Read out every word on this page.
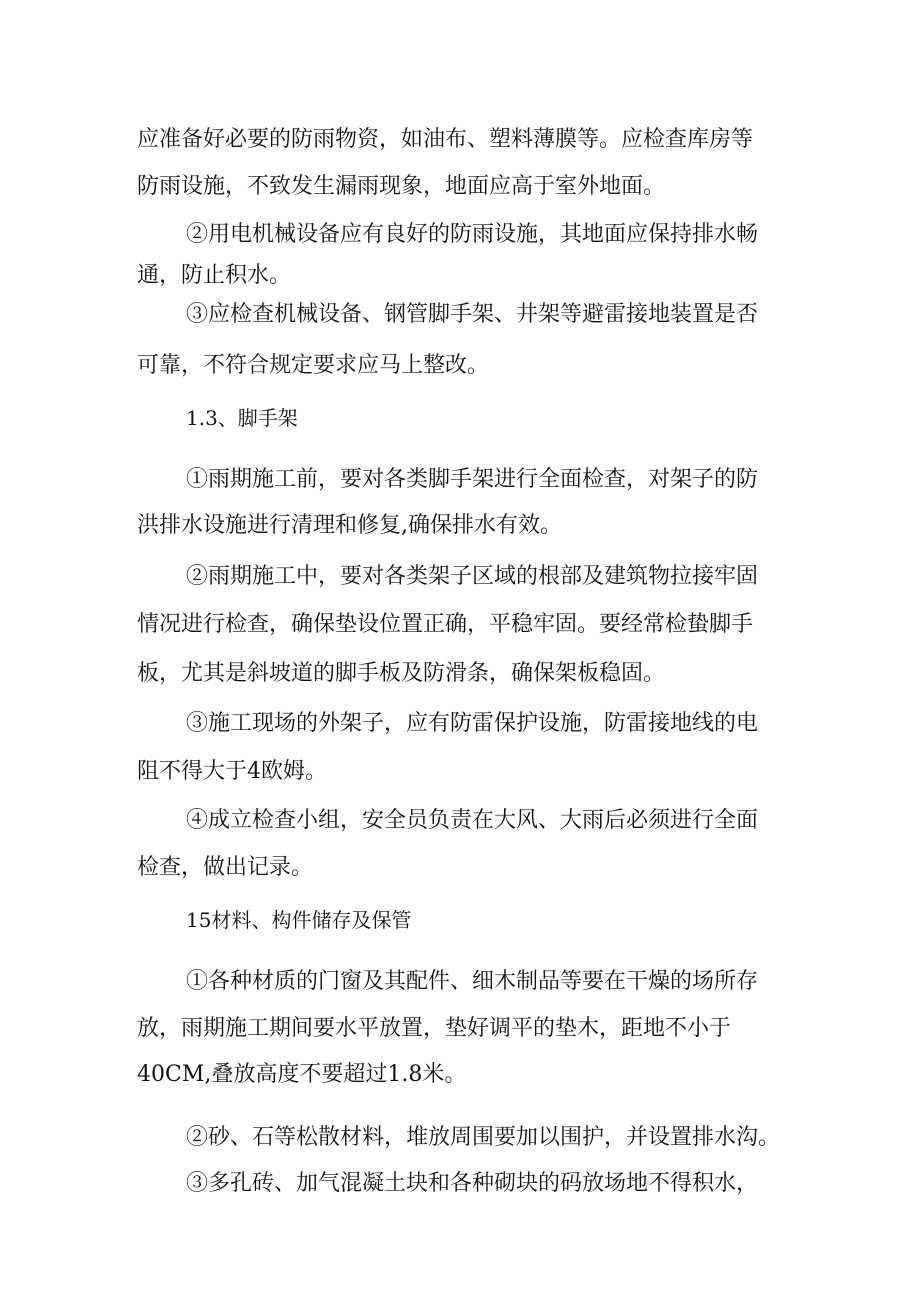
应准备好必要的防雨物资，如油布、塑料薄膜等。应检查库房等
防雨设施，不致发生漏雨现象，地面应高于室外地面。
②用电机械设备应有良好的防雨设施，其地面应保持排水畅
通，防止积水。
③应检查机械设备、钢管脚手架、井架等避雷接地装置是否
可靠，不符合规定要求应马上整改。
1.3、脚手架
①雨期施工前，要对各类脚手架进行全面检查，对架子的防
洪排水设施进行清理和修复,确保排水有效。
②雨期施工中，要对各类架子区域的根部及建筑物拉接牢固
情况进行检查，确保垫设位置正确，平稳牢固。要经常检蛰脚手
板，尤其是斜坡道的脚手板及防滑条，确保架板稳固。
③施工现场的外架子，应有防雷保护设施，防雷接地线的电
阻不得大于4欧姆。
④成立检查小组，安全员负责在大风、大雨后必须进行全面
检查，做出记录。
15材料、构件储存及保管
①各种材质的门窗及其配件、细木制品等要在干燥的场所存
放，雨期施工期间要水平放置，垫好调平的垫木，距地不小于
40CM,叠放高度不要超过1.8米。
②砂、石等松散材料，堆放周围要加以围护，并设置排水沟。
③多孔砖、加气混凝土块和各种砌块的码放场地不得积水，
